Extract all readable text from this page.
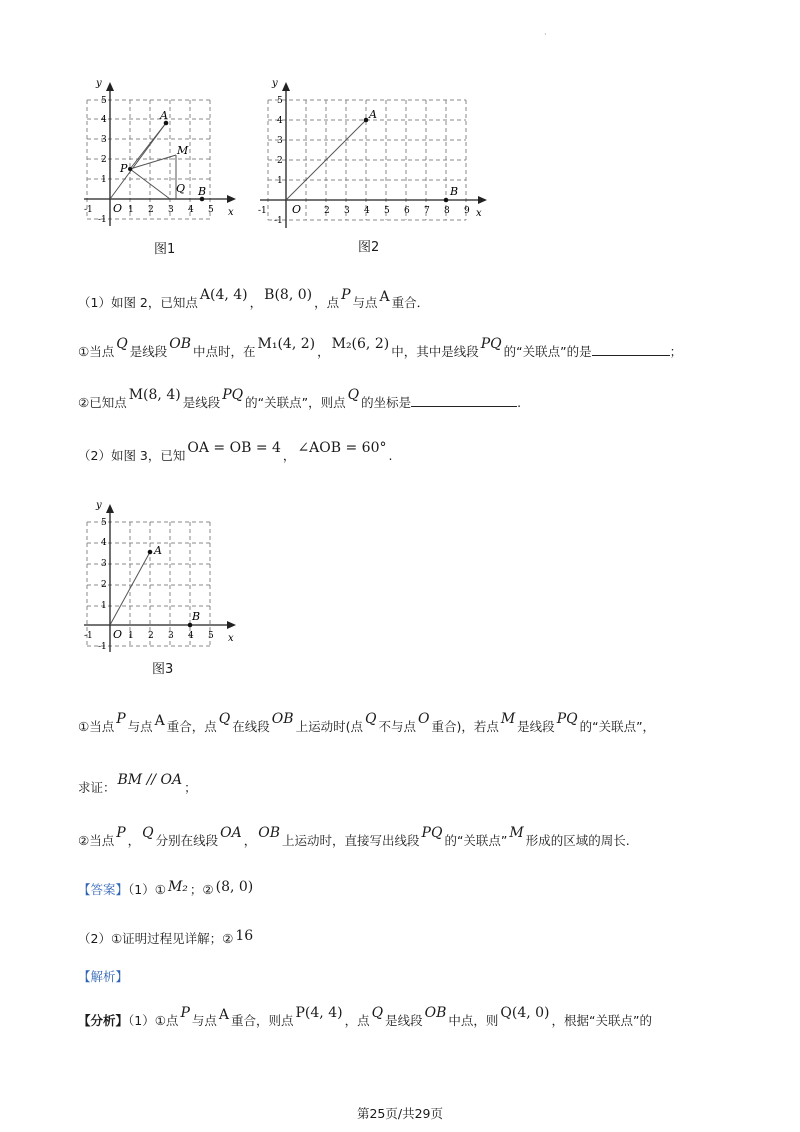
·
y
x
-1	1 2 3 4 5
-1
1
2
3
4
5
O
A
P
M
Q B
图1
y
x
-1	2 3 4 5 6 7 8 9
-1
1
2
3
4
5
O
A
B
图2
（1）如图 2，已知点 A(4, 4) ， B(8, 0) ，点 P 与点 A 重合．
①当点 Q 是线段 OB 中点时，在 M₁(4, 2) ， M₂(6, 2) 中，其中是线段 PQ 的“关联点”的是	；
②已知点 M(8, 4) 是线段 PQ 的“关联点”，则点 Q 的坐标是	.
（2）如图 3，已知 OA = OB = 4 ， ∠AOB = 60° .
y
x
-1	1 2 3 4 5
-1
1
2
3
4
5
O
A
B
图3
①当点 P 与点 A 重合，点 Q 在线段 OB 上运动时(点 Q 不与点 O 重合)，若点 M 是线段 PQ 的“关联点”，
求证： BM // OA ；
②当点 P ， Q 分别在线段 OA ， OB 上运动时，直接写出线段 PQ 的“关联点” M 形成的区域的周长.
【答案】（1）① M₂ ；② (8, 0)
（2）①证明过程见详解；② 16
【解析】
【分析】（1）①点 P 与点 A 重合，则点 P(4, 4) ，点 Q 是线段 OB 中点，则 Q(4, 0) ，根据“关联点”的
第25页/共29页
